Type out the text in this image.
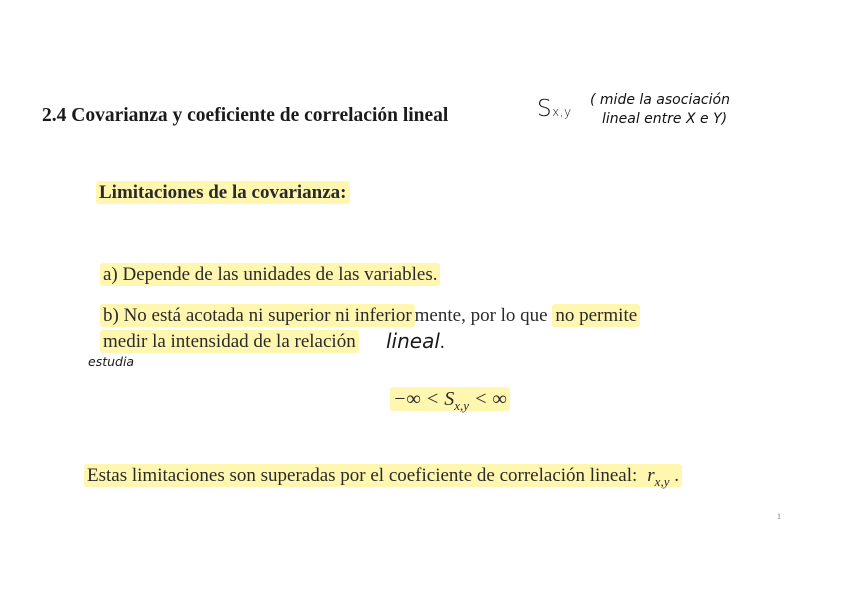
2.4 Covarianza y coeficiente de correlación lineal	Sx,y
( mide la asociación
lineal entre X e Y)
Limitaciones de la covarianza:
a) Depende de las unidades de las variables.
b) No está acotada ni superior ni inferior mente, por lo que no permite
medir la intensidad de la relación lineal.
estudia
−∞ < $S_{x,y}$ < ∞
Estas limitaciones son superadas por el coeficiente de correlación lineal: $r_{x,y}$ .
1
